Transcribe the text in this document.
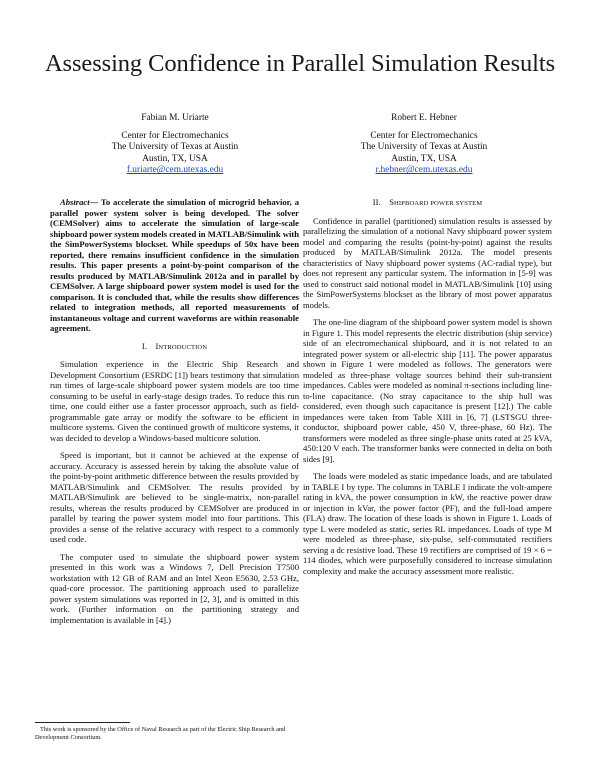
Assessing Confidence in Parallel Simulation Results
Fabian M. Uriarte
Center for Electromechanics
The University of Texas at Austin
Austin, TX, USA
f.uriarte@cem.utexas.edu
Robert E. Hebner
Center for Electromechanics
The University of Texas at Austin
Austin, TX, USA
r.hebner@cem.utexas.edu

Abstract— To accelerate the simulation of microgrid behavior, a parallel power system solver is being developed. The solver (CEMSolver) aims to accelerate the simulation of large-scale shipboard power system models created in MATLAB/Simulink with the SimPowerSystems blockset. While speedups of 50x have been reported, there remains insufficient confidence in the simulation results. This paper presents a point-by-point comparison of the results produced by MATLAB/Simulink 2012a and in parallel by CEMSolver. A large shipboard power system model is used for the comparison. It is concluded that, while the results show differences related to integration methods, all reported measurements of instantaneous voltage and current waveforms are within reasonable agreement.

I. INTRODUCTION

Simulation experience in the Electric Ship Research and Development Consortium (ESRDC [1]) bears testimony that simulation run times of large-scale shipboard power system models are too time consuming to be useful in early-stage design trades. To reduce this run time, one could either use a faster processor approach, such as field-programmable gate array or modify the software to be efficient in multicore systems. Given the continued growth of multicore systems, it was decided to develop a Windows-based multicore solution.

Speed is important, but it cannot be achieved at the expense of accuracy. Accuracy is assessed herein by taking the absolute value of the point-by-point arithmetic difference between the results provided by MATLAB/Simulink and CEMSolver. The results provided by MATLAB/Simulink are believed to be single-matrix, non-parallel results, whereas the results produced by CEMSolver are produced in parallel by tearing the power system model into four partitions. This provides a sense of the relative accuracy with respect to a commonly used code.

The computer used to simulate the shipboard power system presented in this work was a Windows 7, Dell Precision T7500 workstation with 12 GB of RAM and an Intel Xeon E5630, 2.53 GHz, quad-core processor. The partitioning approach used to parallelize power system simulations was reported in [2, 3], and is omitted in this work. (Further information on the partitioning strategy and implementation is available in [4].)

II. SHIPBOARD POWER SYSTEM

Confidence in parallel (partitioned) simulation results is assessed by parallelizing the simulation of a notional Navy shipboard power system model and comparing the results (point-by-point) against the results produced by MATLAB/Simulink 2012a. The model presents characteristics of Navy shipboard power systems (AC-radial type), but does not represent any particular system. The information in [5-9] was used to construct said notional model in MATLAB/Simulink [10] using the SimPowerSystems blockset as the library of most power apparatus models.

The one-line diagram of the shipboard power system model is shown in Figure 1. This model represents the electric distribution (ship service) side of an electromechanical shipboard, and it is not related to an integrated power system or all-electric ship [11]. The power apparatus shown in Figure 1 were modeled as follows. The generators were modeled as three-phase voltage sources behind their sub-transient impedances. Cables were modeled as nominal π-sections including line-to-line capacitance. (No stray capacitance to the ship hull was considered, even though such capacitance is present [12].) The cable impedances were taken from Table XIII in [6, 7] (LSTSGU three-conductor, shipboard power cable, 450 V, three-phase, 60 Hz). The transformers were modeled as three single-phase units rated at 25 kVA, 450:120 V each. The transformer banks were connected in delta on both sides [9].

The loads were modeled as static impedance loads, and are tabulated in TABLE I by type. The columns in TABLE I indicate the volt-ampere rating in kVA, the power consumption in kW, the reactive power draw or injection in kVar, the power factor (PF), and the full-load ampere (FLA) draw. The location of these loads is shown in Figure 1. Loads of type L were modeled as static, series RL impedances. Loads of type M were modeled as three-phase, six-pulse, self-commutated rectifiers serving a dc resistive load. These 19 rectifiers are comprised of 19 × 6 = 114 diodes, which were purposefully considered to increase simulation complexity and make the accuracy assessment more realistic.

This work is sponsored by the Office of Naval Research as part of the Electric Ship Research and Development Consortium.
